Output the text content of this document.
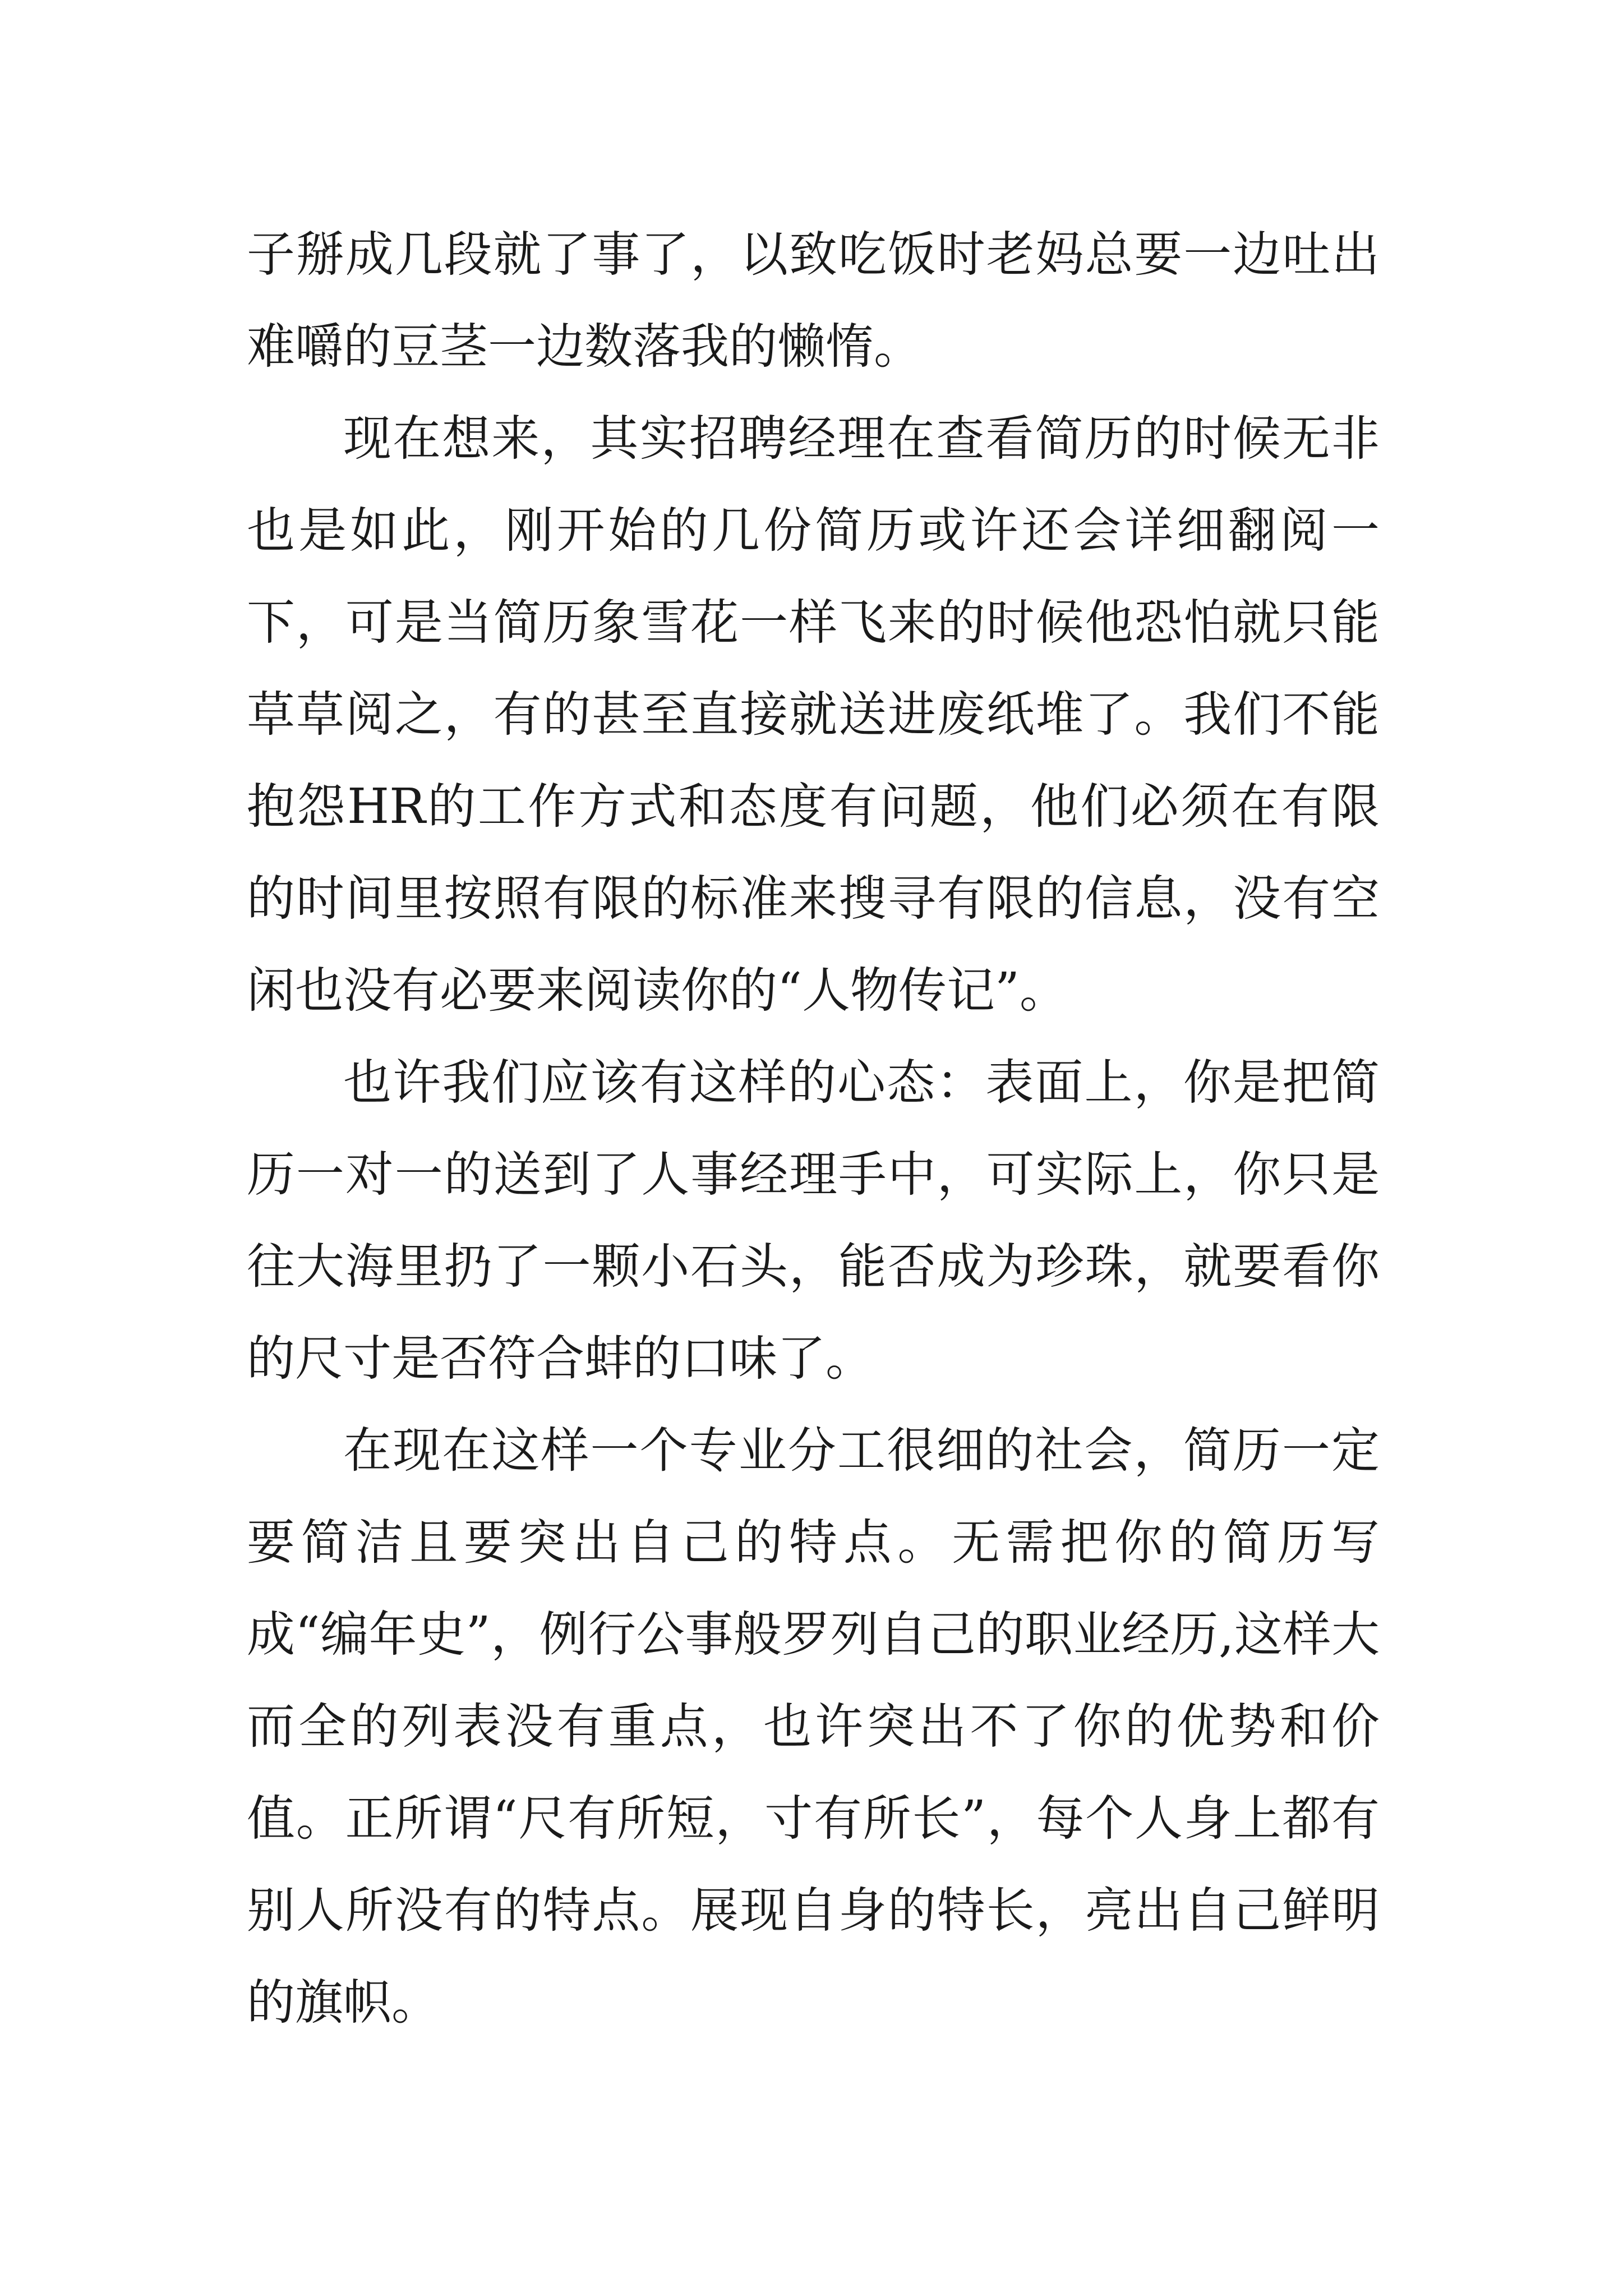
子掰成几段就了事了，以致吃饭时老妈总要一边吐出难嚼的豆茎一边数落我的懒惰。

现在想来，其实招聘经理在查看简历的时候无非也是如此，刚开始的几份简历或许还会详细翻阅一下，可是当简历象雪花一样飞来的时候他恐怕就只能草草阅之，有的甚至直接就送进废纸堆了。我们不能抱怨HR的工作方式和态度有问题，他们必须在有限的时间里按照有限的标准来搜寻有限的信息，没有空闲也没有必要来阅读你的“人物传记”。

也许我们应该有这样的心态：表面上，你是把简历一对一的送到了人事经理手中，可实际上，你只是往大海里扔了一颗小石头，能否成为珍珠，就要看你的尺寸是否符合蚌的口味了。

在现在这样一个专业分工很细的社会，简历一定要简洁且要突出自己的特点。无需把你的简历写成“编年史”，例行公事般罗列自己的职业经历,这样大而全的列表没有重点，也许突出不了你的优势和价值。正所谓“尺有所短，寸有所长”，每个人身上都有别人所没有的特点。展现自身的特长，亮出自己鲜明的旗帜。
